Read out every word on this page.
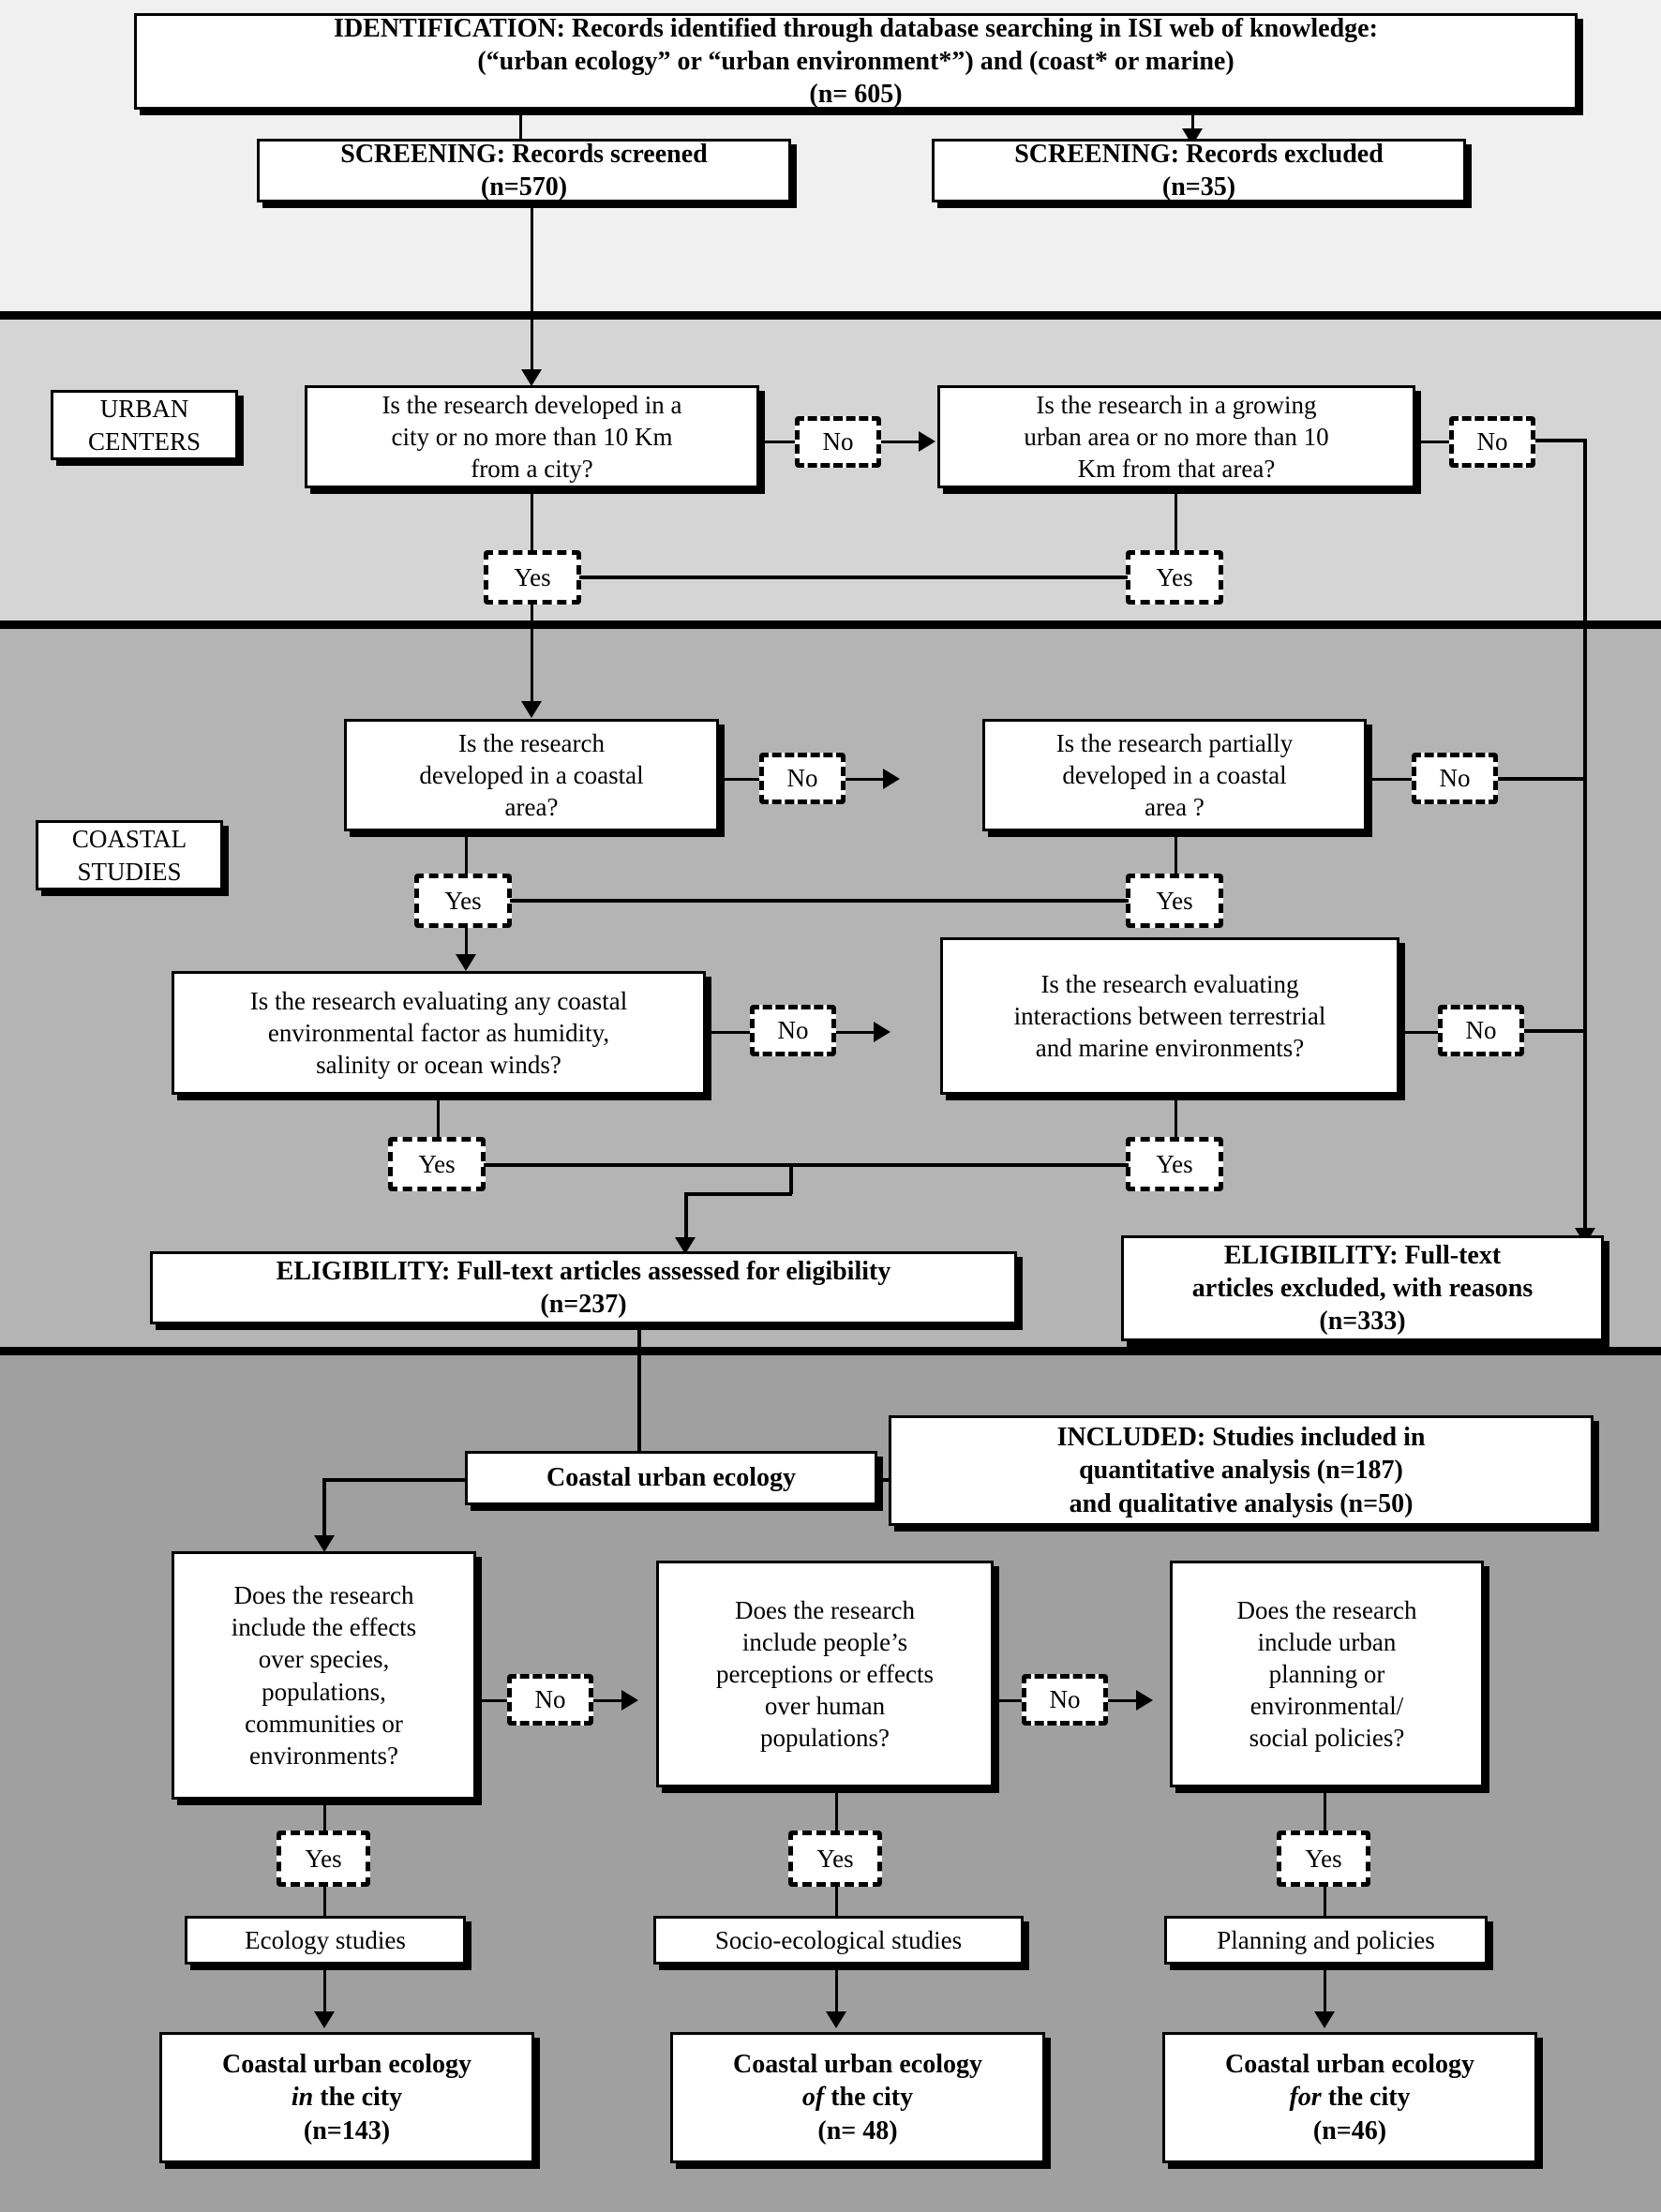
IDENTIFICATION: Records identified through database searching in ISI web of knowledge:
(“urban ecology” or “urban environment*”) and (coast* or marine)
(n= 605)
SCREENING: Records screened
(n=570)
SCREENING: Records excluded
(n=35)
URBAN
CENTERS
Is the research developed in a
city or no more than 10 Km
from a city?
No
Is the research in a growing
urban area or no more than 10
Km from that area?
No
Yes	Yes
COASTAL
STUDIES
Is the research
developed in a coastal
area?
No
Is the research partially
developed in a coastal
area ?
No
Yes	Yes
Is the research evaluating any coastal
environmental factor as humidity,
salinity or ocean winds?
No
Is the research evaluating
interactions between terrestrial
and marine environments?
No
Yes	Yes
ELIGIBILITY: Full-text articles assessed for eligibility
(n=237)
ELIGIBILITY: Full-text
articles excluded, with reasons
(n=333)
Coastal urban ecology
INCLUDED: Studies included in
quantitative analysis (n=187)
and qualitative analysis (n=50)
Does the research
include the effects
over species,
populations,
communities or
environments?
No
Does the research
include people’s
perceptions or effects
over human
populations?
No
Does the research
include urban
planning or
environmental/
social policies?
Yes	Yes	Yes
Ecology studies	Socio-ecological studies	Planning and policies
Coastal urban ecology
in the city
(n=143)
Coastal urban ecology
of the city
(n= 48)
Coastal urban ecology
for the city
(n=46)
